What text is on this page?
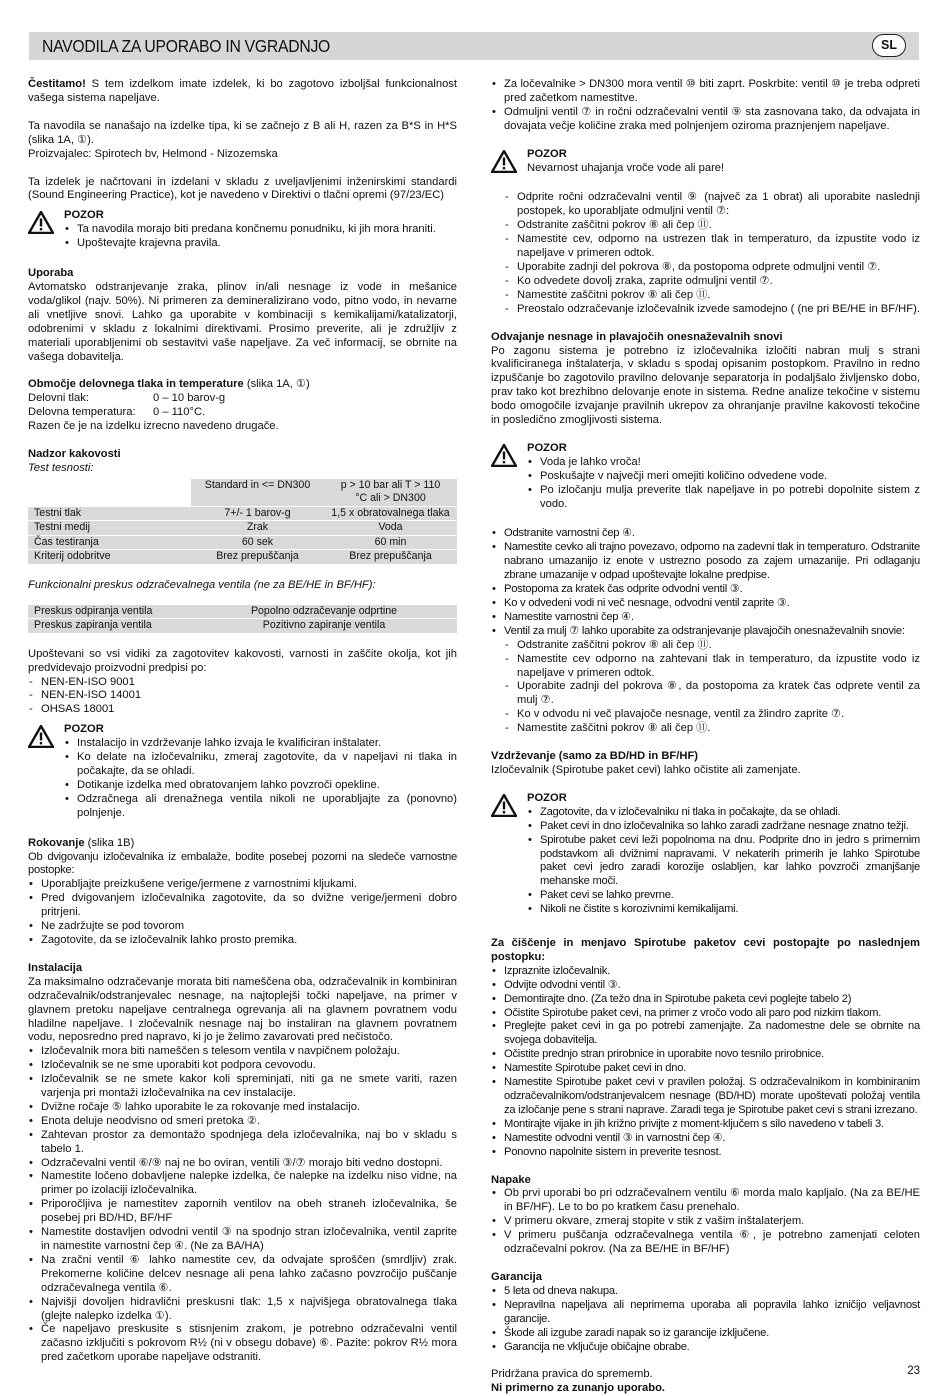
NAVODILA ZA UPORABO IN VGRADNJO	SL

Čestitamo! S tem izdelkom imate izdelek, ki bo zagotovo izboljšal funkcionalnost vašega sistema napeljave.

Ta navodila se nanašajo na izdelke tipa, ki se začnejo z B ali H, razen za B*S in H*S (slika 1A, ①).

Proizvajalec: Spirotech bv, Helmond - Nizozemska

Ta izdelek je načrtovani in izdelani v skladu z uveljavljenimi inženirskimi standardi (Sound Engineering Practice), kot je navedeno v Direktivi o tlačni opremi (97/23/EC)

POZOR
• Ta navodila morajo biti predana končnemu ponudniku, ki jih mora hraniti.
• Upoštevajte krajevna pravila.

Uporaba

Avtomatsko odstranjevanje zraka, plinov in/ali nesnage iz vode in mešanice voda/glikol (najv. 50%). Ni primeren za demineralizirano vodo, pitno vodo, in nevarne ali vnetljive snovi. Lahko ga uporabite v kombinaciji s kemikalijami/katalizatorji, odobrenimi v skladu z lokalnimi direktivami. Prosimo preverite, ali je združljiv z materiali uporabljenimi ob sestavitvi vaše napeljave. Za več informacij, se obrnite na vašega dobavitelja.

Območje delovnega tlaka in temperature (slika 1A, ①)

Delovni tlak:	0 – 10 barov-g
Delovna temperatura:	0 – 110°C.

Razen če je na izdelku izrecno navedeno drugače.

Nadzor kakovosti

Test tesnosti:

	Standard in <= DN300	p > 10 bar ali T > 110 °C ali > DN300
Testni tlak	7+/- 1 barov-g	1,5 x obratovalnega tlaka
Testni medij	Zrak	Voda
Čas testiranja	60 sek	60 min
Kriterij odobritve	Brez prepuščanja	Brez prepuščanja

Funkcionalni preskus odzračevalnega ventila (ne za BE/HE in BF/HF):

Preskus odpiranja ventila	Popolno odzračevanje odprtine
Preskus zapiranja ventila	Pozitivno zapiranje ventila

Upoštevani so vsi vidiki za zagotovitev kakovosti, varnosti in zaščite okolja, kot jih predvidevajo proizvodni predpisi po:

- NEN-EN-ISO 9001
- NEN-EN-ISO 14001
- OHSAS 18001
POZOR
• Instalacijo in vzdrževanje lahko izvaja le kvalificiran inštalater.
• Ko delate na izločevalniku, zmeraj zagotovite, da v napeljavi ni tlaka in počakajte, da se ohladi.
• Dotikanje izdelka med obratovanjem lahko povzroči opekline.
• Odzračnega ali drenažnega ventila nikoli ne uporabljajte za (ponovno) polnjenje.

Rokovanje (slika 1B)

Ob dvigovanju izločevalnika iz embalaže, bodite posebej pozorni na sledeče varnostne postopke:

• Uporabljajte preizkušene verige/jermene z varnostnimi kljukami.
• Pred dvigovanjem izločevalnika zagotovite, da so dvižne verige/jermeni dobro pritrjeni.
• Ne zadržujte se pod tovorom
• Zagotovite, da se izločevalnik lahko prosto premika.

Instalacija

Za maksimalno odzračevanje morata biti nameščena oba, odzračevalnik in kombiniran odzračevalnik/odstranjevalec nesnage, na najtoplejši točki napeljave, na primer v glavnem pretoku napeljave centralnega ogrevanja ali na glavnem povratnem vodu hladilne napeljave. I zločevalnik nesnage naj bo instaliran na glavnem povratnem vodu, neposredno pred napravo, ki jo je želimo zavarovati pred nečistočo.

• Izločevalnik mora biti nameščen s telesom ventila v navpičnem položaju.
• Izločevalnik se ne sme uporabiti kot podpora cevovodu.
• Izločevalnik se ne smete kakor koli spreminjati, niti ga ne smete variti, razen varjenja pri montaži izločevalnika na cev instalacije.
• Dvižne ročaje ⑤ lahko uporabite le za rokovanje med instalacijo.
• Enota deluje neodvisno od smeri pretoka ②.
• Zahtevan prostor za demontažo spodnjega dela izločevalnika, naj bo v skladu s tabelo 1.
• Odzračevalni ventil ⑥/⑨ naj ne bo oviran, ventili ③/⑦ morajo biti vedno dostopni.
• Namestite ločeno dobavljene nalepke izdelka, če nalepke na izdelku niso vidne, na primer po izolaciji izločevalnika.
• Priporočljiva je namestitev zapornih ventilov na obeh straneh izločevalnika, še posebej pri BD/HD, BF/HF
• Namestite dostavljen odvodni ventil ③ na spodnjo stran izločevalnika, ventil zaprite in namestite varnostni čep ④. (Ne za BA/HA)
• Na zračni ventil ⑥ lahko namestite cev, da odvajate sproščen (smrdljiv) zrak. Prekomerne količine delcev nesnage ali pena lahko začasno povzročijo puščanje odzračevalnega ventila ⑥.
• Najvišji dovoljen hidravlični preskusni tlak: 1,5 x najvišjega obratovalnega tlaka (glejte nalepko izdelka ①).
• Če napeljavo preskusite s stisnjenim zrakom, je potrebno odzračevalni ventil začasno izključiti s pokrovom R½ (ni v obsegu dobave) ⑥. Pazite: pokrov R½ mora pred začetkom uporabe napeljave odstraniti.
• Za ločevalnike > DN300 mora ventil ⑩ biti zaprt. Poskrbite: ventil ⑩ je treba odpreti pred začetkom namestitve.
• Odmuljni ventil ⑦ in ročni odzračevalni ventil ⑨ sta zasnovana tako, da odvajata in dovajata večje količine zraka med polnjenjem oziroma praznjenjem napeljave.
POZOR
Nevarnost uhajanja vroče vode ali pare!
- Odprite ročni odzračevalni ventil ⑨ (največ za 1 obrat) ali uporabite naslednji postopek, ko uporabljate odmuljni ventil ⑦:
- Odstranite zaščitni pokrov ⑧ ali čep ⑪.
- Namestite cev, odporno na ustrezen tlak in temperaturo, da izpustite vodo iz napeljave v primeren odtok.
- Uporabite zadnji del pokrova ⑧, da postopoma odprete odmuljni ventil ⑦.
- Ko odvedete dovolj zraka, zaprite odmuljni ventil ⑦.
- Namestite zaščitni pokrov ⑧ ali čep ⑪.
- Preostalo odzračevanje izločevalnik izvede samodejno ( (ne pri BE/HE in BF/HF).

Odvajanje nesnage in plavajočih onesnaževalnih snovi

Po zagonu sistema je potrebno iz izločevalnika izločiti nabran mulj s strani kvalificiranega inštalaterja, v skladu s spodaj opisanim postopkom. Pravilno in redno izpuščanje bo zagotovilo pravilno delovanje separatorja in podaljšalo življensko dobo, prav tako kot brezhibno delovanje enote in sistema. Redne analize tekočine v sistemu bodo omogočile izvajanje pravilnih ukrepov za ohranjanje pravilne kakovosti tekočine in posledično zmogljivosti sistema.

POZOR
• Voda je lahko vroča!
• Poskušajte v največji meri omejiti količino odvedene vode.
• Po izločanju mulja preverite tlak napeljave in po potrebi dopolnite sistem z vodo.
• Odstranite varnostni čep ④.
• Namestite cevko ali trajno povezavo, odporno na zadevni tlak in temperaturo. Odstranite nabrano umazanijo iz enote v ustrezno posodo za zajem umazanije. Pri odlaganju zbrane umazanije v odpad upoštevajte lokalne predpise.
• Postopoma za kratek čas odprite odvodni ventil ③.
• Ko v odvedeni vodi ni več nesnage, odvodni ventil zaprite ③.
• Namestite varnostni čep ④.
• Ventil za mulj ⑦ lahko uporabite za odstranjevanje plavajočih onesnaževalnih snovie:
- Odstranite zaščitni pokrov ⑧ ali čep ⑪.
- Namestite cev odporno na zahtevani tlak in temperaturo, da izpustite vodo iz napeljave v primeren odtok.
- Uporabite zadnji del pokrova ⑧, da postopoma za kratek čas odprete ventil za mulj ⑦.
- Ko v odvodu ni več plavajoče nesnage, ventil za žlindro zaprite ⑦.
- Namestite zaščitni pokrov ⑧ ali čep ⑪.

Vzdrževanje (samo za BD/HD in BF/HF)

Izločevalnik (Spirotube paket cevi) lahko očistite ali zamenjate.

POZOR
• Zagotovite, da v izločevalniku ni tlaka in počakajte, da se ohladi.
• Paket cevi in dno izločevalnika so lahko zaradi zadržane nesnage znatno težji.
• Spirotube paket cevi leži popolnoma na dnu. Podprite dno in jedro s primernim podstavkom ali dvižnimi napravami. V nekaterih primerih je lahko Spirotube paket cevi jedro zaradi korozije oslabljen, kar lahko povzroči zmanjšanje mehanske moči.
• Paket cevi se lahko prevrne.
• Nikoli ne čistite s korozivnimi kemikalijami.

Za čiščenje in menjavo Spirotube paketov cevi postopajte po naslednjem postopku:

• Izpraznite izločevalnik.
• Odvijte odvodni ventil ③.
• Demontirajte dno. (Za težo dna in Spirotube paketa cevi poglejte tabelo 2)
• Očistite Spirotube paket cevi, na primer z vročo vodo ali paro pod nizkim tlakom.
• Preglejte paket cevi in ga po potrebi zamenjajte. Za nadomestne dele se obrnite na svojega dobavitelja.
• Očistite prednjo stran prirobnice in uporabite novo tesnilo prirobnice.
• Namestite Spirotube paket cevi in dno.
• Namestite Spirotube paket cevi v pravilen položaj. S odzračevalnikom in kombiniranim odzračevalnikom/odstranjevalcem nesnage (BD/HD) morate upoštevati položaj ventila za izločanje pene s strani naprave. Zaradi tega je Spirotube paket cevi s strani izrezano.
• Montirajte vijake in jih križno privijte z moment-ključem s silo navedeno v tabeli 3.
• Namestite odvodni ventil ③ in varnostni čep ④.
• Ponovno napolnite sistem in preverite tesnost.

Napake

• Ob prvi uporabi bo pri odzračevalnem ventilu ⑥ morda malo kapljalo. (Na za BE/HE in BF/HF). Le to bo po kratkem času prenehalo.
• V primeru okvare, zmeraj stopite v stik z vašim inštalaterjem.
• V primeru puščanja odzračevalnega ventila ⑥, je potrebno zamenjati celoten odzračevalni pokrov. (Na za BE/HE in BF/HF)

Garancija

• 5 leta od dneva nakupa.
• Nepravilna napeljava ali neprimerna uporaba ali popravila lahko izničijo veljavnost garancije.
• Škode ali izgube zaradi napak so iz garancije izključene.
• Garancija ne vključuje običajne obrabe.

Pridržana pravica do sprememb.

Ni primerno za zunanjo uporabo.

23
